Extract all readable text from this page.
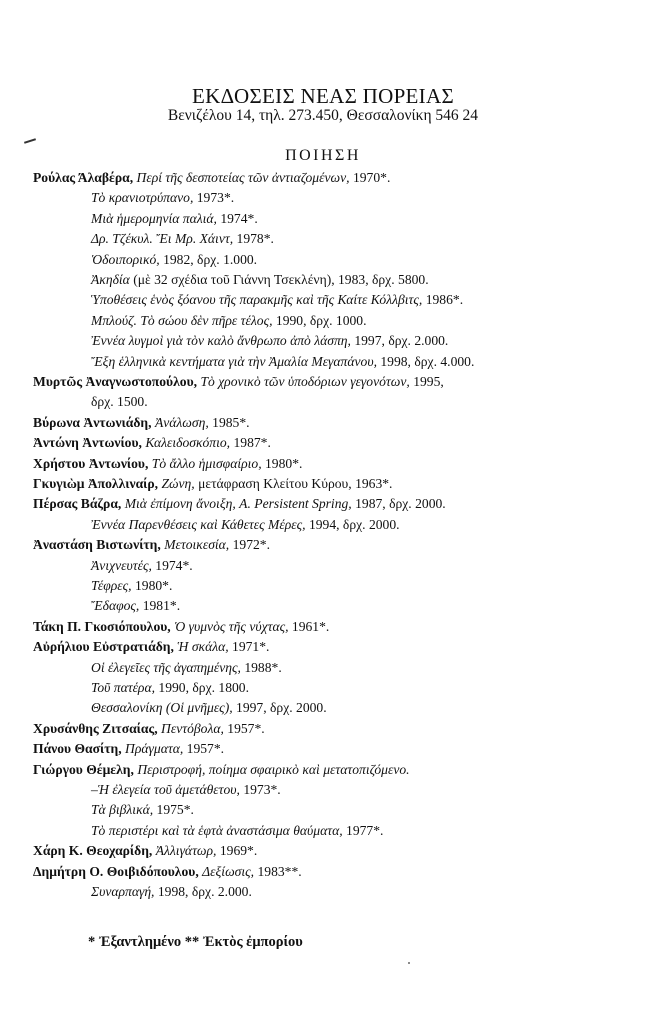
ΕΚΔΟΣΕΙΣ ΝΕΑΣ ΠΟΡΕΙΑΣ
Βενιζέλου 14, τηλ. 273.450, Θεσσαλονίκη 546 24
ΠΟΙΗΣΗ
Ρούλας Άλαβέρα, Περί τῆς δεσποτείας τῶν ἀντιαζομένων, 1970*.
Τὸ κρανιοτρύπανο, 1973*.
Μιὰ ἡμερομηνία παλιά, 1974*.
Δρ. Τζέκυλ. Ἔι Μρ. Χάιντ, 1978*.
Ὁδοιπορικό, 1982, δρχ. 1.000.
Ἀκηδία (μὲ 32 σχέδια τοῦ Γιάννη Τσεκλένη), 1983, δρχ. 5800.
Ὑποθέσεις ἑνὸς ξόανου τῆς παρακμῆς καὶ τῆς Καίτε Κόλλβιτς, 1986*.
Μπλούζ. Τὸ σώου δὲν πῆρε τέλος, 1990, δρχ. 1000.
Ἐννέα λυγμοὶ γιὰ τὸν καλὸ ἄνθρωπο ἀπὸ λάσπη, 1997, δρχ. 2.000.
Ἔξη ἑλληνικὰ κεντήματα γιὰ τὴν Ἀμαλία Μεγαπάνου, 1998, δρχ. 4.000.
Μυρτῶς Ἀναγνωστοπούλου, Τὸ χρονικὸ τῶν ὑποδόριων γεγονότων, 1995,
δρχ. 1500.
Βύρωνα Ἀντωνιάδη, Ἀνάλωση, 1985*.
Ἀντώνη Ἀντωνίου, Καλειδοσκόπιο, 1987*.
Χρήστου Ἀντωνίου, Τὸ ἄλλο ἡμισφαίριο, 1980*.
Γκυγιὼμ Ἀπολλιναίρ, Ζώνη, μετάφραση Κλείτου Κύρου, 1963*.
Πέρσας Βάζρα, Μιὰ ἐπίμονη ἄνοιξη, A. Persistent Spring, 1987, δρχ. 2000.
Ἐννέα Παρενθέσεις καὶ Κάθετες Μέρες, 1994, δρχ. 2000.
Ἀναστάση Βιστωνίτη, Μετοικεσία, 1972*.
Ἀνιχνευτές, 1974*.
Τέφρες, 1980*.
Ἔδαφος, 1981*.
Τάκη Π. Γκοσιόπουλου, Ὁ γυμνὸς τῆς νύχτας, 1961*.
Αὐρήλιου Εὐστρατιάδη, Ἡ σκάλα, 1971*.
Οἱ ἐλεγεῖες τῆς ἀγαπημένης, 1988*.
Τοῦ πατέρα, 1990, δρχ. 1800.
Θεσσαλονίκη (Οἱ μνῆμες), 1997, δρχ. 2000.
Χρυσάνθης Ζιτσαίας, Πεντόβολα, 1957*.
Πάνου Θασίτη, Πράγματα, 1957*.
Γιώργου Θέμελη, Περιστροφή, ποίημα σφαιρικὸ καὶ μετατοπιζόμενο.
–Ἡ ἐλεγεία τοῦ ἀμετάθετου, 1973*.
Τὰ βιβλικά, 1975*.
Τὸ περιστέρι καὶ τὰ ἑφτὰ ἀναστάσιμα θαύματα, 1977*.
Χάρη Κ. Θεοχαρίδη, Ἀλλιγάτωρ, 1969*.
Δημήτρη Ο. Θοιβιδόπουλου, Δεξίωσις, 1983**.
Συναρπαγή, 1998, δρχ. 2.000.
* Ἐξαντλημένο ** Ἐκτὸς ἐμπορίου
